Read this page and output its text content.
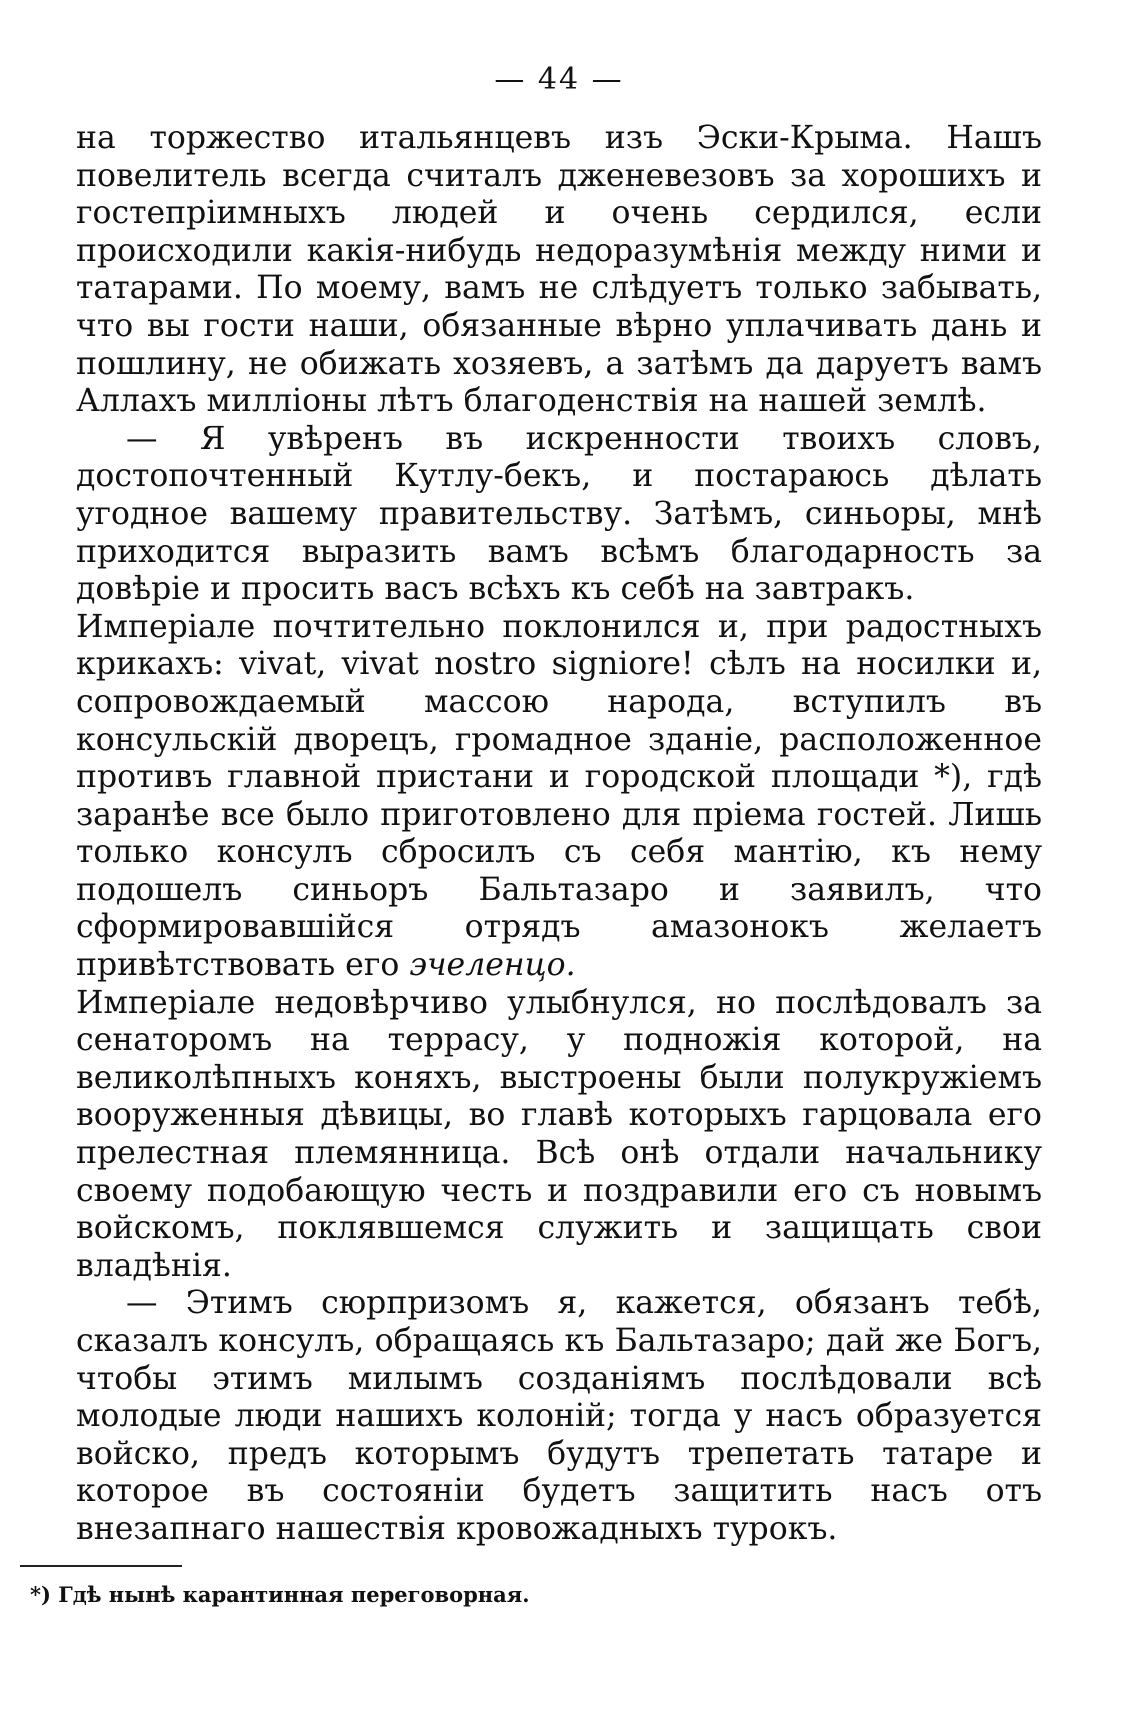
— 44 —

на торжество итальянцевъ изъ Эски-Крыма. Нашъ повелитель всегда считалъ дженевезовъ за хорошихъ и гостепріимныхъ людей и очень сердился, если происходили какія-нибудь недоразумѣнія между ними и татарами. По моему, вамъ не слѣдуетъ только забывать, что вы гости наши, обязанные вѣрно уплачивать дань и пошлину, не обижать хозяевъ, а затѣмъ да даруетъ вамъ Аллахъ милліоны лѣтъ благоденствія на нашей землѣ.

— Я увѣренъ въ искренности твоихъ словъ, достопочтенный Кутлу-бекъ, и постараюсь дѣлать угодное вашему правительству. Затѣмъ, синьоры, мнѣ приходится выразить вамъ всѣмъ благодарность за довѣріе и просить васъ всѣхъ къ себѣ на завтракъ.

Имперіале почтительно поклонился и, при радостныхъ крикахъ: vivat, vivat nostro signiore! сѣлъ на носилки и, сопровождаемый массою народа, вступилъ въ консульскій дворецъ, громадное зданіе, расположенное противъ главной пристани и городской площади *), гдѣ заранѣе все было приготовлено для пріема гостей. Лишь только консулъ сбросилъ съ себя мантію, къ нему подошелъ синьоръ Бальтазаро и заявилъ, что сформировавшійся отрядъ амазонокъ желаетъ привѣтствовать его эчеленцо.

Имперіале недовѣрчиво улыбнулся, но послѣдовалъ за сенаторомъ на террасу, у подножія которой, на великолѣпныхъ коняхъ, выстроены были полукружіемъ вооруженныя дѣвицы, во главѣ которыхъ гарцовала его прелестная племянница. Всѣ онѣ отдали начальнику своему подобающую честь и поздравили его съ новымъ войскомъ, поклявшемся служить и защищать свои владѣнія.

— Этимъ сюрпризомъ я, кажется, обязанъ тебѣ, сказалъ консулъ, обращаясь къ Бальтазаро; дай же Богъ, чтобы этимъ милымъ созданіямъ послѣдовали всѣ молодые люди нашихъ колоній; тогда у насъ образуется войско, предъ которымъ будутъ трепетать татаре и которое въ состояніи будетъ защитить насъ отъ внезапнаго нашествія кровожадныхъ турокъ.

*) Гдѣ нынѣ карантинная переговорная.
